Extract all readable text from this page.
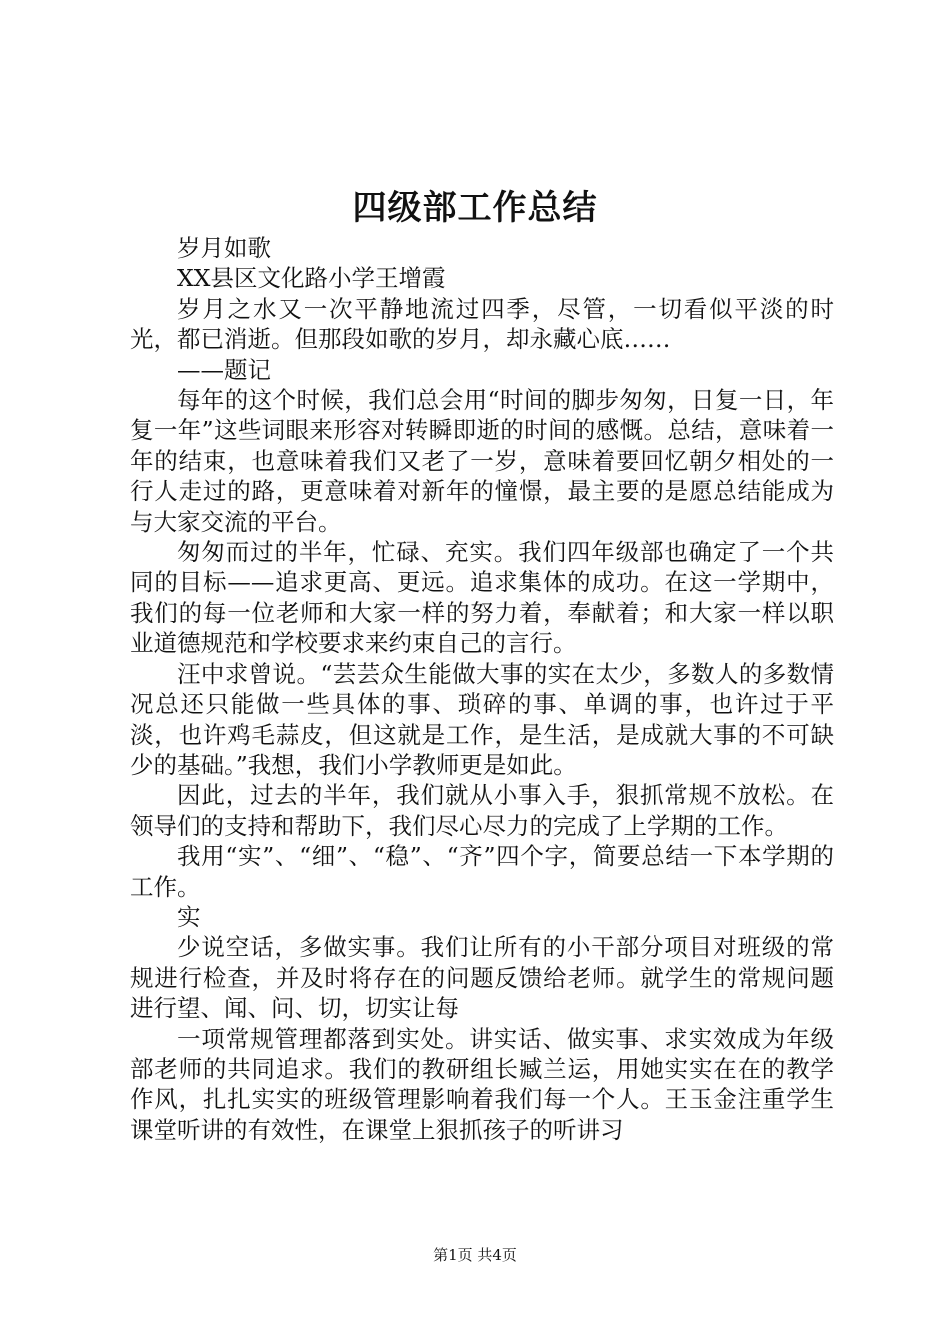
四级部工作总结

岁月如歌

XX县区文化路小学王增霞

岁月之水又一次平静地流过四季，尽管，一切看似平淡的时光，都已消逝。但那段如歌的岁月，却永藏心底……

——题记

每年的这个时候，我们总会用“时间的脚步匆匆，日复一日，年复一年”这些词眼来形容对转瞬即逝的时间的感慨。总结，意味着一年的结束，也意味着我们又老了一岁，意味着要回忆朝夕相处的一行人走过的路，更意味着对新年的憧憬，最主要的是愿总结能成为与大家交流的平台。

匆匆而过的半年，忙碌、充实。我们四年级部也确定了一个共同的目标——追求更高、更远。追求集体的成功。在这一学期中，我们的每一位老师和大家一样的努力着，奉献着；和大家一样以职业道德规范和学校要求来约束自己的言行。

汪中求曾说。“芸芸众生能做大事的实在太少，多数人的多数情况总还只能做一些具体的事、琐碎的事、单调的事，也许过于平淡，也许鸡毛蒜皮，但这就是工作，是生活，是成就大事的不可缺少的基础。”我想，我们小学教师更是如此。

因此，过去的半年，我们就从小事入手，狠抓常规不放松。在领导们的支持和帮助下，我们尽心尽力的完成了上学期的工作。

我用“实”、“细”、“稳”、“齐”四个字，简要总结一下本学期的工作。

实

少说空话，多做实事。我们让所有的小干部分项目对班级的常规进行检查，并及时将存在的问题反馈给老师。就学生的常规问题进行望、闻、问、切，切实让每

一项常规管理都落到实处。讲实话、做实事、求实效成为年级部老师的共同追求。我们的教研组长臧兰运，用她实实在在的教学作风，扎扎实实的班级管理影响着我们每一个人。王玉金注重学生课堂听讲的有效性，在课堂上狠抓孩子的听讲习

第1页 共4页
